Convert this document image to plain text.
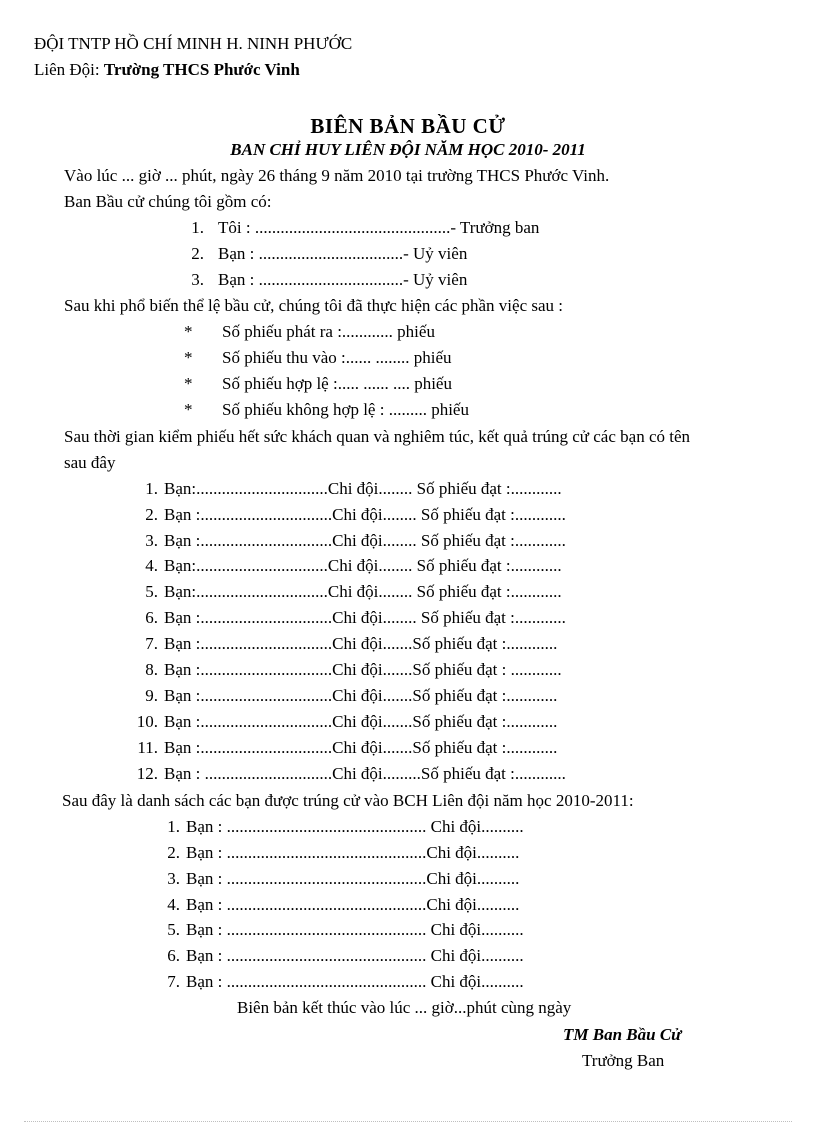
ĐỘI TNTP HỒ CHÍ MINH H. NINH PHƯỚC
Liên Đội: Trường THCS Phước Vinh
BIÊN BẢN BẦU CỬ
BAN CHỈ HUY LIÊN ĐỘI NĂM HỌC 2010- 2011
Vào lúc ... giờ ... phút, ngày 26 tháng 9 năm 2010 tại trường THCS Phước Vinh.
Ban Bầu cử chúng tôi gồm có:
1. Tôi : ..............................................- Trưởng ban
2. Bạn : ..................................- Uỷ viên
3. Bạn : ..................................- Uỷ viên
Sau khi phổ biến thể lệ bầu cử, chúng tôi đã thực hiện các phần việc sau :
* Số phiếu phát ra :............ phiếu
* Số phiếu thu vào :...... ........ phiếu
* Số phiếu hợp lệ :..... ...... .... phiếu
* Số phiếu không hợp lệ : ......... phiếu
Sau thời gian kiểm phiếu hết sức khách quan và nghiêm túc, kết quả trúng cử các bạn có tên
sau đây
1. Bạn:...............................Chi đội........ Số phiếu đạt :............
2. Bạn :...............................Chi đội........ Số phiếu đạt :............
3. Bạn :...............................Chi đội........ Số phiếu đạt :............
4. Bạn:...............................Chi đội........ Số phiếu đạt :............
5. Bạn:...............................Chi đội........ Số phiếu đạt :............
6. Bạn :...............................Chi đội........ Số phiếu đạt :............
7. Bạn :...............................Chi đội.......Số phiếu đạt :............
8. Bạn :...............................Chi đội.......Số phiếu đạt : ............
9. Bạn :...............................Chi đội.......Số phiếu đạt :............
10. Bạn :...............................Chi đội.......Số phiếu đạt :............
11. Bạn :...............................Chi đội.......Số phiếu đạt :............
12. Bạn : ..............................Chi đội.........Số phiếu đạt :............
Sau đây là danh sách các bạn được trúng cử vào BCH Liên đội năm học 2010-2011:
1. Bạn : ............................................... Chi đội..........
2. Bạn : ...............................................Chi đội..........
3. Bạn : ...............................................Chi đội..........
4. Bạn : ...............................................Chi đội..........
5. Bạn : ............................................... Chi đội..........
6. Bạn : ............................................... Chi đội..........
7. Bạn : ............................................... Chi đội..........
Biên bản kết thúc vào lúc ... giờ...phút cùng ngày
TM Ban Bầu Cử
Trưởng Ban
